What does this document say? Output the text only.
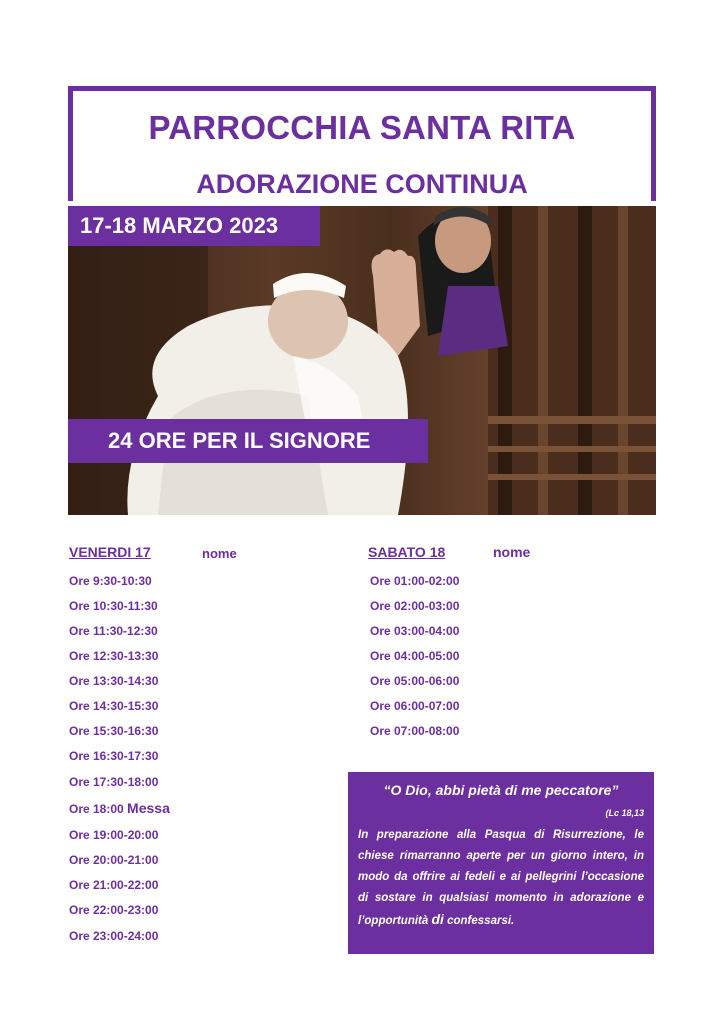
PARROCCHIA SANTA RITA
ADORAZIONE CONTINUA
17-18 MARZO 2023
24 ORE PER IL SIGNORE
VENERDI 17	nome
Ore 9:30-10:30
Ore 10:30-11:30
Ore 11:30-12:30
Ore 12:30-13:30
Ore 13:30-14:30
Ore 14:30-15:30
Ore 15:30-16:30
Ore 16:30-17:30
Ore 17:30-18:00
Ore 18:00 Messa
Ore 19:00-20:00
Ore 20:00-21:00
Ore 21:00-22:00
Ore 22:00-23:00
Ore 23:00-24:00
SABATO 18	nome
Ore 01:00-02:00
Ore 02:00-03:00
Ore 03:00-04:00
Ore 04:00-05:00
Ore 05:00-06:00
Ore 06:00-07:00
Ore 07:00-08:00
“O Dio, abbi pietà di me peccatore”
(Lc 18,13
In preparazione alla Pasqua di Risurrezione, le chiese rimarranno aperte per un giorno intero, in modo da offrire ai fedeli e ai pellegrini l’occasione di sostare in qualsiasi momento in adorazione e l’opportunità di confessarsi.
